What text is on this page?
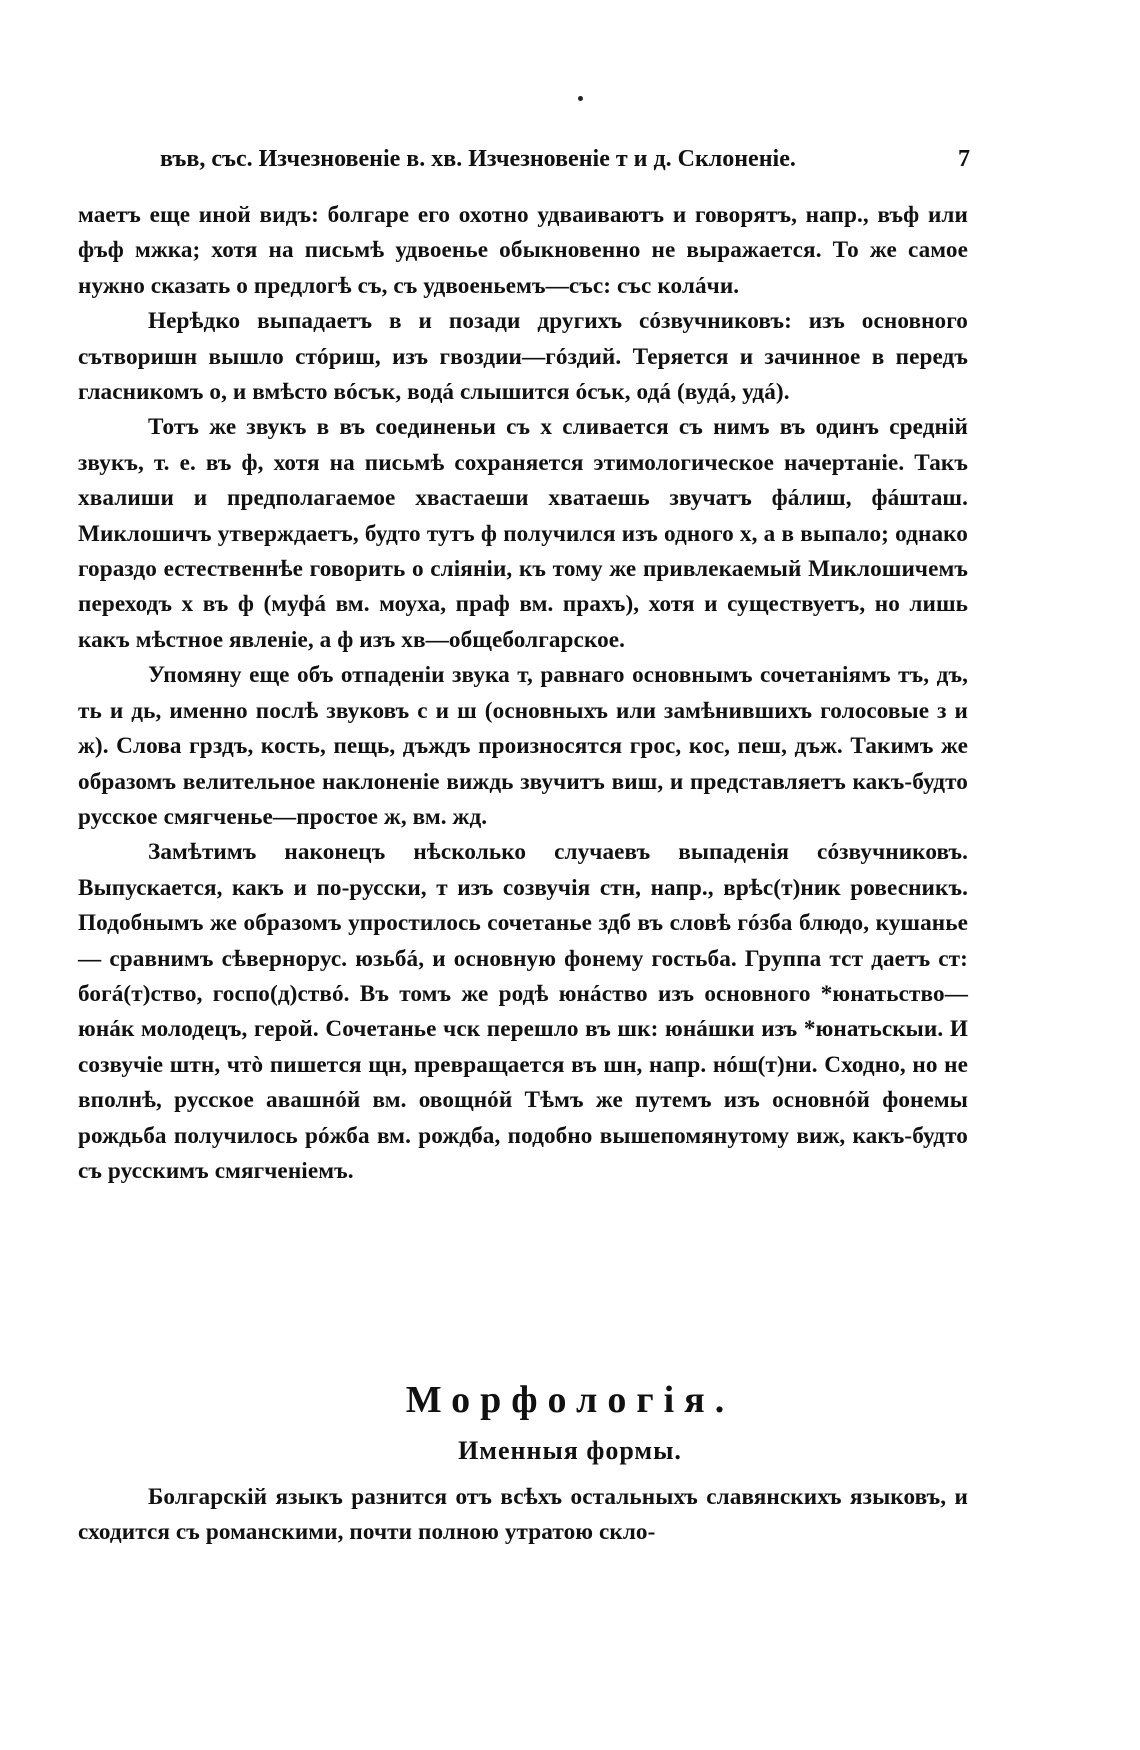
във, със. Изчезновеніе в. хв. Изчезновеніе т и д. Склоненіе.	7

маетъ еще иной видъ: болгаре его охотно удваиваютъ и говорятъ, напр., въф или фъф мжка; хотя на письмѣ удвоенье обыкновенно не выражается. То же самое нужно сказать о предлогѣ съ, съ удвоеньемъ—със: със колáчи.

Нерѣдко выпадаетъ в и позади другихъ сóзвучниковъ: изъ основного сътворишн вышло стóриш, изъ гвоздии—гóздий. Теряется и зачинное в передъ гласникомъ о, и вмѣсто вóсък, водá слышится óсък, одá (вудá, удá).

Тотъ же звукъ в въ соединеньи съ х сливается съ нимъ въ одинъ средній звукъ, т. е. въ ф, хотя на письмѣ сохраняется этимологическое начертаніе. Такъ хвалиши и предполагаемое хвастаеши хватаешь звучатъ фáлиш, фáшташ. Миклошичъ утверждаетъ, будто тутъ ф получился изъ одного х, а в выпало; однако гораздо естественнѣе говорить о сліяніи, къ тому же привлекаемый Миклошичемъ переходъ х въ ф (муфá вм. моуха, праф вм. прахъ), хотя и существуетъ, но лишь какъ мѣстное явленіе, а ф изъ хв—общеболгарское.

Упомяну еще объ отпаденіи звука т, равнаго основнымъ сочетаніямъ тъ, дъ, ть и дь, именно послѣ звуковъ с и ш (основныхъ или замѣнившихъ голосовые з и ж). Слова грздъ, кость, пещь, дъждъ произносятся грос, кос, пеш, дъж. Такимъ же образомъ велительное наклоненіе виждь звучитъ виш, и представляетъ какъ-будто русское смягченье—простое ж, вм. жд.

Замѣтимъ наконецъ нѣсколько случаевъ выпаденія сóзвучниковъ. Выпускается, какъ и по-русски, т изъ созвучія стн, напр., врѣс(т)ник ровесникъ. Подобнымъ же образомъ упростилось сочетанье здб въ словѣ гóзба блюдо, кушанье — сравнимъ сѣвернорус. юзьбá, и основную фонему гостьба. Группа тст даетъ ст: богá(т)ство, госпо(д)ствó. Въ томъ же родѣ юнáство изъ основного *юнатьство—юнáк молодецъ, герой. Сочетанье чск перешло въ шк: юнáшки изъ *юнатьскыи. И созвучіе штн, чтò пишется щн, превращается въ шн, напр. нóш(т)ни. Сходно, но не вполнѣ, русское авашнóй вм. овощнóй Тѣмъ же путемъ изъ основнóй фонемы рождьба получилось рóжба вм. рождба, подобно вышепомянутому виж, какъ-будто съ русскимъ смягченіемъ.

Морфологія.
Именныя формы.

Болгарскій языкъ разнится отъ всѣхъ остальныхъ славянскихъ языковъ, и сходится съ романскими, почти полною утратою скло-
